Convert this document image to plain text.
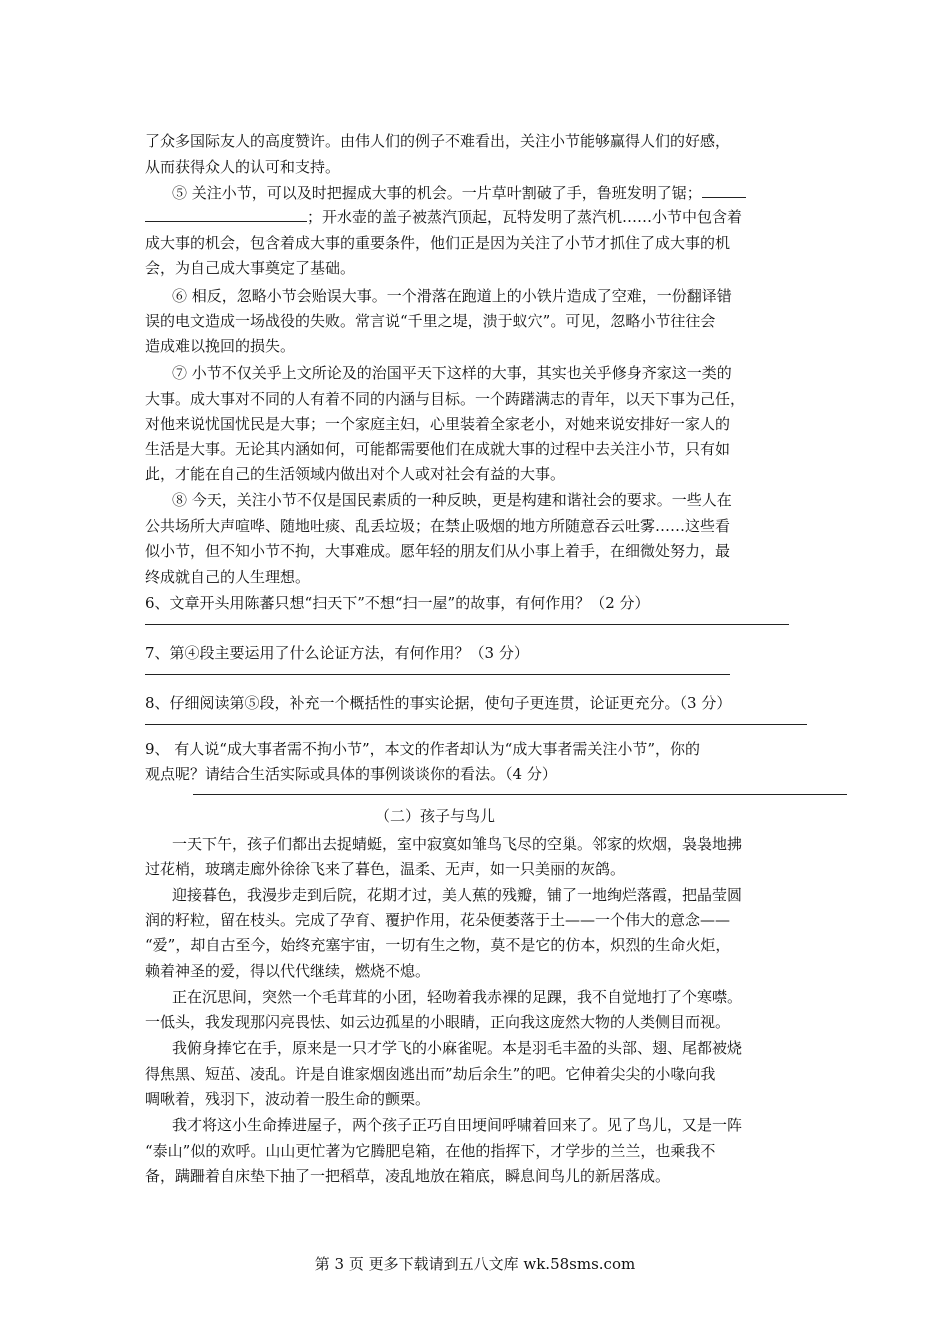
了众多国际友人的高度赞许。由伟人们的例子不难看出，关注小节能够赢得人们的好感，
从而获得众人的认可和支持。
⑤ 关注小节，可以及时把握成大事的机会。一片草叶割破了手，鲁班发明了锯；
；开水壶的盖子被蒸汽顶起，瓦特发明了蒸汽机……小节中包含着
成大事的机会，包含着成大事的重要条件，他们正是因为关注了小节才抓住了成大事的机
会，为自己成大事奠定了基础。
⑥ 相反，忽略小节会贻误大事。一个滑落在跑道上的小铁片造成了空难，一份翻译错
误的电文造成一场战役的失败。常言说“千里之堤，溃于蚁穴”。可见，忽略小节往往会
造成难以挽回的损失。
⑦ 小节不仅关乎上文所论及的治国平天下这样的大事，其实也关乎修身齐家这一类的
大事。成大事对不同的人有着不同的内涵与目标。一个踌躇满志的青年，以天下事为己任，
对他来说忧国忧民是大事；一个家庭主妇，心里装着全家老小，对她来说安排好一家人的
生活是大事。无论其内涵如何，可能都需要他们在成就大事的过程中去关注小节，只有如
此，才能在自己的生活领域内做出对个人或对社会有益的大事。
⑧ 今天，关注小节不仅是国民素质的一种反映，更是构建和谐社会的要求。一些人在
公共场所大声喧哗、随地吐痰、乱丢垃圾；在禁止吸烟的地方所随意吞云吐雾……这些看
似小节，但不知小节不拘，大事难成。愿年轻的朋友们从小事上着手，在细微处努力，最
终成就自己的人生理想。
6、文章开头用陈蕃只想“扫天下”不想“扫一屋”的故事，有何作用？（2 分）
7、第④段主要运用了什么论证方法，有何作用？（3 分）
8、仔细阅读第⑤段，补充一个概括性的事实论据，使句子更连贯，论证更充分。（3 分）
9、 有人说“成大事者需不拘小节”，本文的作者却认为“成大事者需关注小节”，你的
观点呢？请结合生活实际或具体的事例谈谈你的看法。（4 分）
（二）孩子与鸟儿
一天下午，孩子们都出去捉蜻蜓，室中寂寞如雏鸟飞尽的空巢。邻家的炊烟，袅袅地拂
过花梢，玻璃走廊外徐徐飞来了暮色，温柔、无声，如一只美丽的灰鸽。
迎接暮色，我漫步走到后院，花期才过，美人蕉的残瓣，铺了一地绚烂落霞，把晶莹圆
润的籽粒，留在枝头。完成了孕育、覆护作用，花朵便萎落于土——一个伟大的意念——
“爱”，却自古至今，始终充塞宇宙，一切有生之物，莫不是它的仿本，炽烈的生命火炬，
赖着神圣的爱，得以代代继续，燃烧不熄。
正在沉思间，突然一个毛茸茸的小团，轻吻着我赤裸的足踝，我不自觉地打了个寒噤。
一低头，我发现那闪亮畏怯、如云边孤星的小眼睛，正向我这庞然大物的人类侧目而视。
我俯身捧它在手，原来是一只才学飞的小麻雀呢。本是羽毛丰盈的头部、翅、尾都被烧
得焦黑、短茁、凌乱。许是自谁家烟囱逃出而”劫后余生”的吧。它伸着尖尖的小喙向我
啁啾着，残羽下，波动着一股生命的颤栗。
我才将这小生命捧进屋子，两个孩子正巧自田埂间呼啸着回来了。见了鸟儿，又是一阵
“泰山”似的欢呼。山山更忙著为它腾肥皂箱，在他的指挥下，才学步的兰兰，也乘我不
备，蹒跚着自床垫下抽了一把稻草，凌乱地放在箱底，瞬息间鸟儿的新居落成。
第 3 页 更多下载请到五八文库 wk.58sms.com
